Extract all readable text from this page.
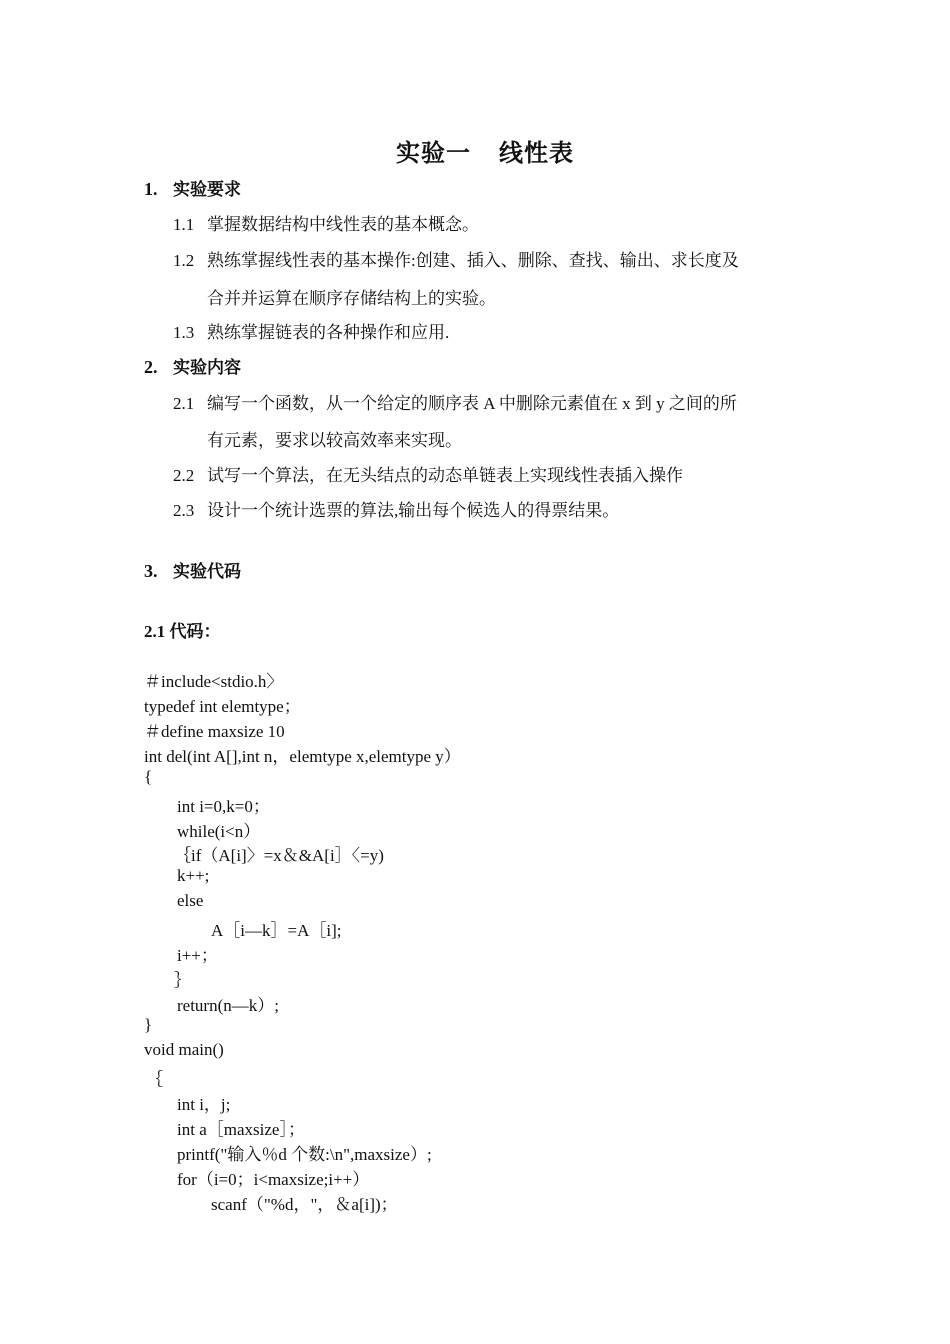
实验一   线性表
1. 实验要求
1.1 掌握数据结构中线性表的基本概念。
1.2 熟练掌握线性表的基本操作:创建、插入、删除、查找、输出、求长度及
合并并运算在顺序存储结构上的实验。
1.3 熟练掌握链表的各种操作和应用.
2. 实验内容
2.1 编写一个函数，从一个给定的顺序表 A 中删除元素值在 x 到 y 之间的所
有元素，要求以较高效率来实现。
2.2 试写一个算法，在无头结点的动态单链表上实现线性表插入操作
2.3 设计一个统计选票的算法,输出每个候选人的得票结果。
3. 实验代码
2.1 代码：
＃include<stdio.h〉
typedef int elemtype；
＃define maxsize 10
int del(int A[],int n，elemtype x,elemtype y）
{
int i=0,k=0；
while(i<n）
｛if（A[i]〉=x＆&A[i］〈=y)
k++;
else
A［i—k］=A［i];
i++；
｝
return(n—k）;
}
void main()
｛
int i，j;
int a［maxsize］；
printf("输入％d 个数:\n",maxsize）;
for（i=0；i<maxsize;i++）
scanf（"%d，"，＆a[i])；
